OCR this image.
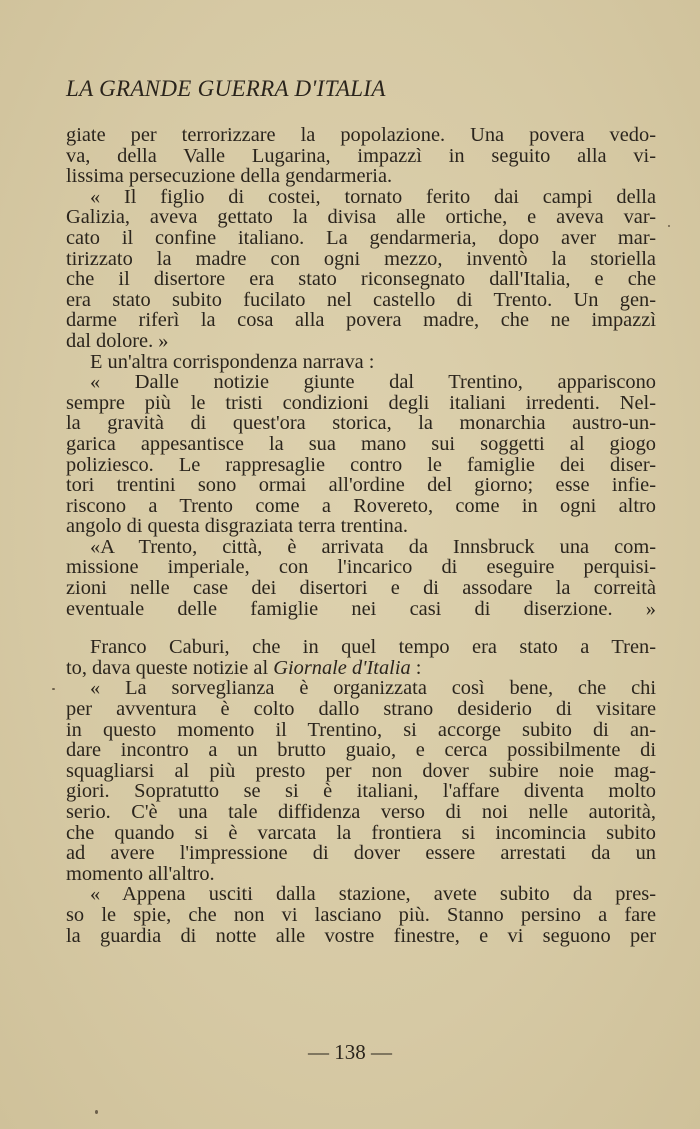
LA GRANDE GUERRA D'ITALIA

giate per terrorizzare la popolazione. Una povera vedo-

va, della Valle Lugarina, impazzì in seguito alla vi-

lissima persecuzione della gendarmeria.

« Il figlio di costei, tornato ferito dai campi della

Galizia, aveva gettato la divisa alle ortiche, e aveva var-

cato il confine italiano. La gendarmeria, dopo aver mar-

tirizzato la madre con ogni mezzo, inventò la storiella

che il disertore era stato riconsegnato dall'Italia, e che

era stato subito fucilato nel castello di Trento. Un gen-

darme riferì la cosa alla povera madre, che ne impazzì

dal dolore. »

E un'altra corrispondenza narrava :

« Dalle notizie giunte dal Trentino, appariscono

sempre più le tristi condizioni degli italiani irredenti. Nel-

la gravità di quest'ora storica, la monarchia austro-un-

garica appesantisce la sua mano sui soggetti al giogo

poliziesco. Le rappresaglie contro le famiglie dei diser-

tori trentini sono ormai all'ordine del giorno; esse infie-

riscono a Trento come a Rovereto, come in ogni altro

angolo di questa disgraziata terra trentina.

«A Trento, città, è arrivata da Innsbruck una com-

missione imperiale, con l'incarico di eseguire perquisi-

zioni nelle case dei disertori e di assodare la correità

eventuale delle famiglie nei casi di diserzione. »

Franco Caburi, che in quel tempo era stato a Tren-

to, dava queste notizie al Giornale d'Italia :

« La sorveglianza è organizzata così bene, che chi

per avventura è colto dallo strano desiderio di visitare

in questo momento il Trentino, si accorge subito di an-

dare incontro a un brutto guaio, e cerca possibilmente di

squagliarsi al più presto per non dover subire noie mag-

giori. Sopratutto se si è italiani, l'affare diventa molto

serio. C'è una tale diffidenza verso di noi nelle autorità,

che quando si è varcata la frontiera si incomincia subito

ad avere l'impressione di dover essere arrestati da un

momento all'altro.

« Appena usciti dalla stazione, avete subito da pres-

so le spie, che non vi lasciano più. Stanno persino a fare

la guardia di notte alle vostre finestre, e vi seguono per

— 138 —
